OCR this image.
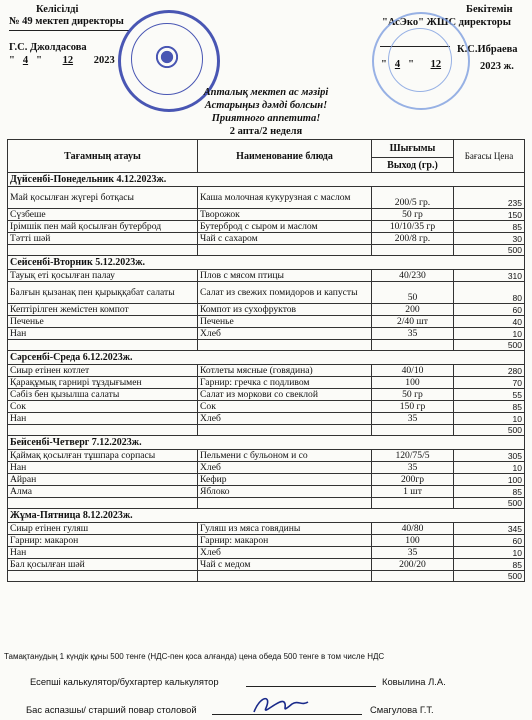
Келісілді
№ 49 мектеп директоры
Г.С. Джолдасова
" 4 " 12 2023
Бекітемін
"АсЭко" ЖШС директоры
К.С.Ибраева
" 4 " 12	2023 ж.
Апталық мектеп ас мәзірі
Астарыңыз дәмді болсын!
Приятного аппетита!
2 апта/2 неделя
Тағамның атауы	Наименование блюда	Шығымы	Бағасы Цена
		Выход (гр.)	
Дүйсенбі-Понедельник 4.12.2023ж.			
Май қосылған жүгері ботқасы	Каша молочная кукурузная с маслом	200/5 гр.	235
Сүзбеше	Творожок	50 гр	150
Ірімшік пен май қосылған бутерброд	Бутерброд с сыром и маслом	10/10/35 гр	85
Тәтті шәй	Чай с сахаром	200/8 гр.	30
			500
Сейсенбі-Вторник 5.12.2023ж.			
Тауық еті қосылған палау	Плов с мясом птицы	40/230	310
Балғын қызанақ пен қырыққабат салаты	Салат из свежих помидоров и капусты	50	80
Кептірілген жемістен компот	Компот из сухофруктов	200	60
Печенье	Печенье	2/40 шт	40
Нан	Хлеб	35	10
			500
Сәрсенбі-Среда 6.12.2023ж.			
Сиыр етінен котлет	Котлеты мясные (говядина)	40/10	280
Қарақұмық гарнирі тұздығымен	Гарнир: гречка с подливом	100	70
Сәбіз бен қызылша салаты	Салат из моркови со свеклой	50 гр	55
Сок	Сок	150 гр	85
Нан	Хлеб	35	10
			500
Бейсенбі-Четверг 7.12.2023ж.			
Қаймақ қосылған тұшпара сорпасы	Пельмени с бульоном и со	120/75/5	305
Нан	Хлеб	35	10
Айран	Кефир	200гр	100
Алма	Яблоко	1 шт	85
			500
Жұма-Пятница 8.12.2023ж.			
Сиыр етінен гуляш	Гуляш из мяса говядины	40/80	345
Гарнир: макарон	Гарнир: макарон	100	60
Нан	Хлеб	35	10
Бал қосылған шәй	Чай с медом	200/20	85
			500
Тамақтанудың 1 күндік құны 500 тенге (НДС-пен қоса алғанда) цена обеда 500 тенге в том числе НДС
Есепші калькулятор/бухгартер калькулятор	Ковылина Л.А.
Бас аспазшы/ старший повар столовой	Смагулова Г.Т.
